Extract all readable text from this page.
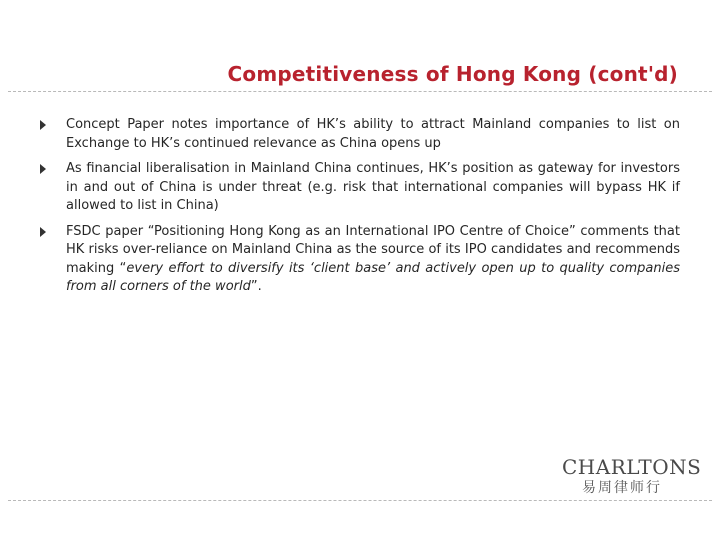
Competitiveness of Hong Kong (cont'd)
Concept Paper notes importance of HK’s ability to attract Mainland companies to list on Exchange to HK’s continued relevance as China opens up
As financial liberalisation in Mainland China continues, HK’s position as gateway for investors in and out of China is under threat (e.g. risk that international companies will bypass HK if allowed to list in China)
FSDC paper “Positioning Hong Kong as an International IPO Centre of Choice” comments that HK risks over-reliance on Mainland China as the source of its IPO candidates and recommends making “every effort to diversify its ‘client base’ and actively open up to quality companies from all corners of the world”.
CHARLTONS
易周律师行
